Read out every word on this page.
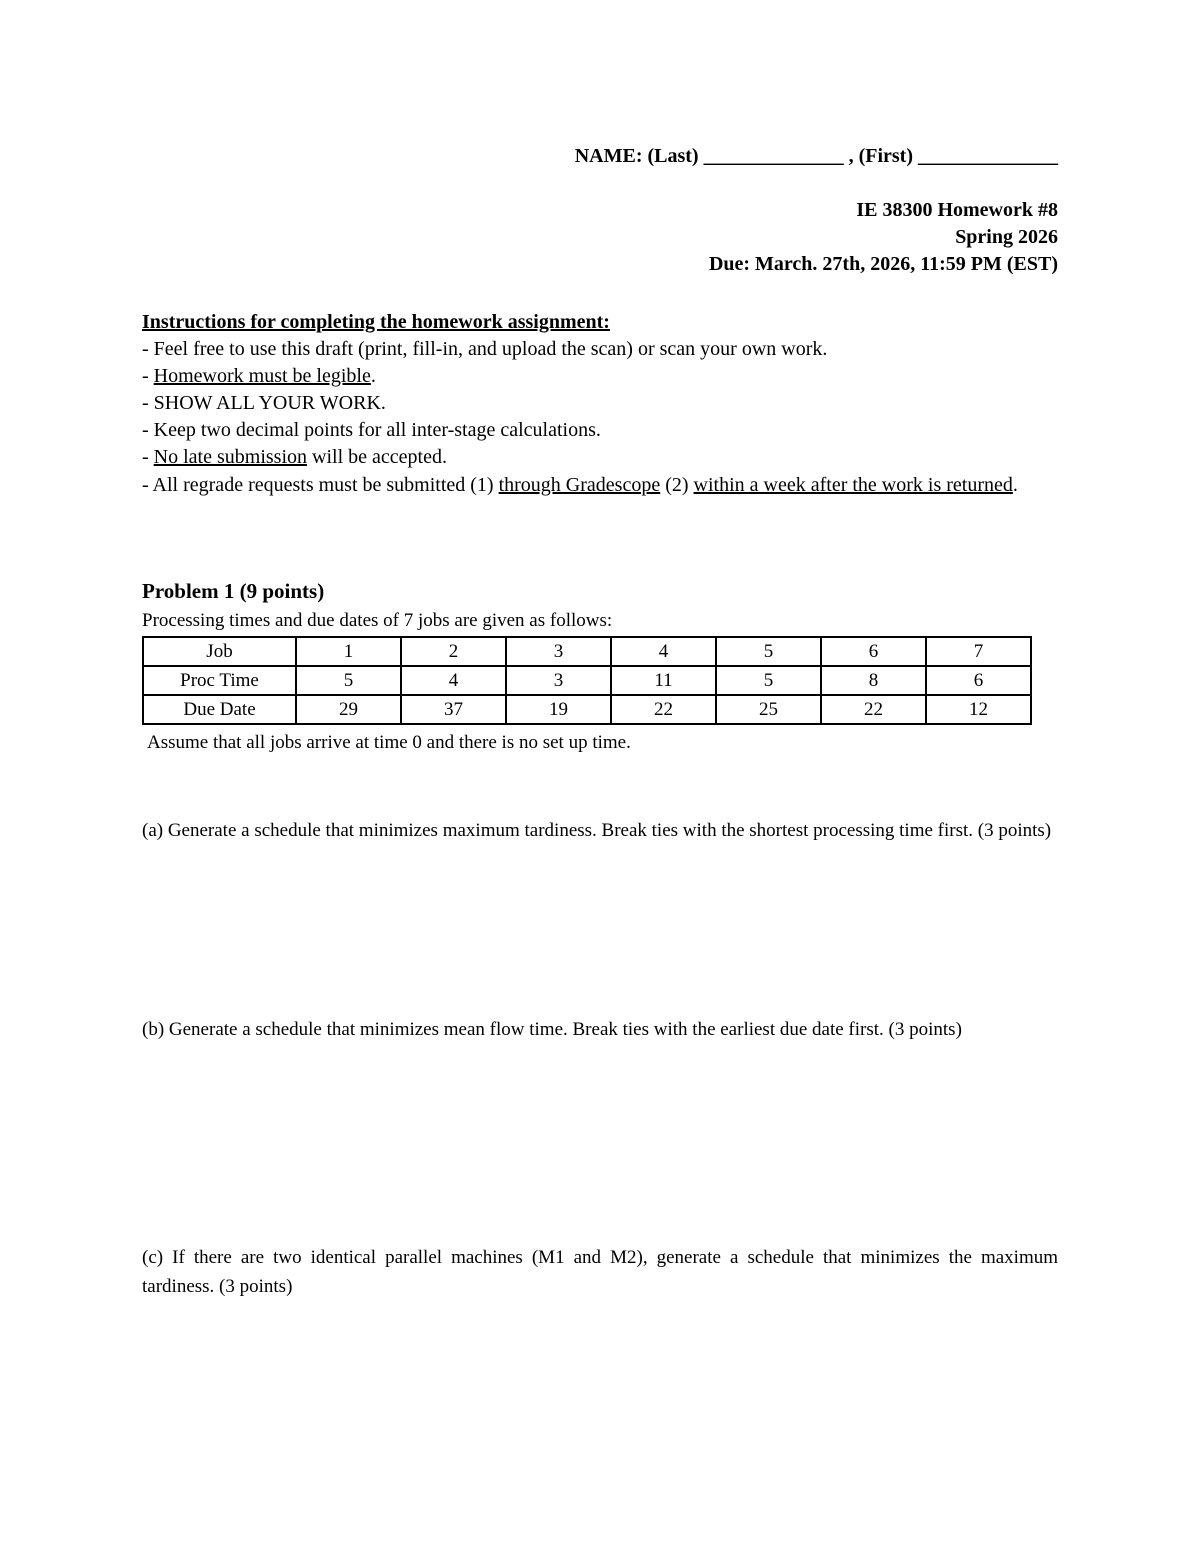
NAME: (Last) ______________ , (First) ______________
IE 38300 Homework #8
Spring 2026
Due: March. 27th, 2026, 11:59 PM (EST)
Instructions for completing the homework assignment:
- Feel free to use this draft (print, fill-in, and upload the scan) or scan your own work.
- Homework must be legible.
- SHOW ALL YOUR WORK.
- Keep two decimal points for all inter-stage calculations.
- No late submission will be accepted.
- All regrade requests must be submitted (1) through Gradescope (2) within a week after the work is returned.
Problem 1 (9 points)
Processing times and due dates of 7 jobs are given as follows:
Job	1	2	3	4	5	6	7
Proc Time	5	4	3	11	5	8	6
Due Date	29	37	19	22	25	22	12
Assume that all jobs arrive at time 0 and there is no set up time.
(a) Generate a schedule that minimizes maximum tardiness. Break ties with the shortest processing time first. (3 points)
(b) Generate a schedule that minimizes mean flow time. Break ties with the earliest due date first. (3 points)
(c) If there are two identical parallel machines (M1 and M2), generate a schedule that minimizes the maximum tardiness. (3 points)
